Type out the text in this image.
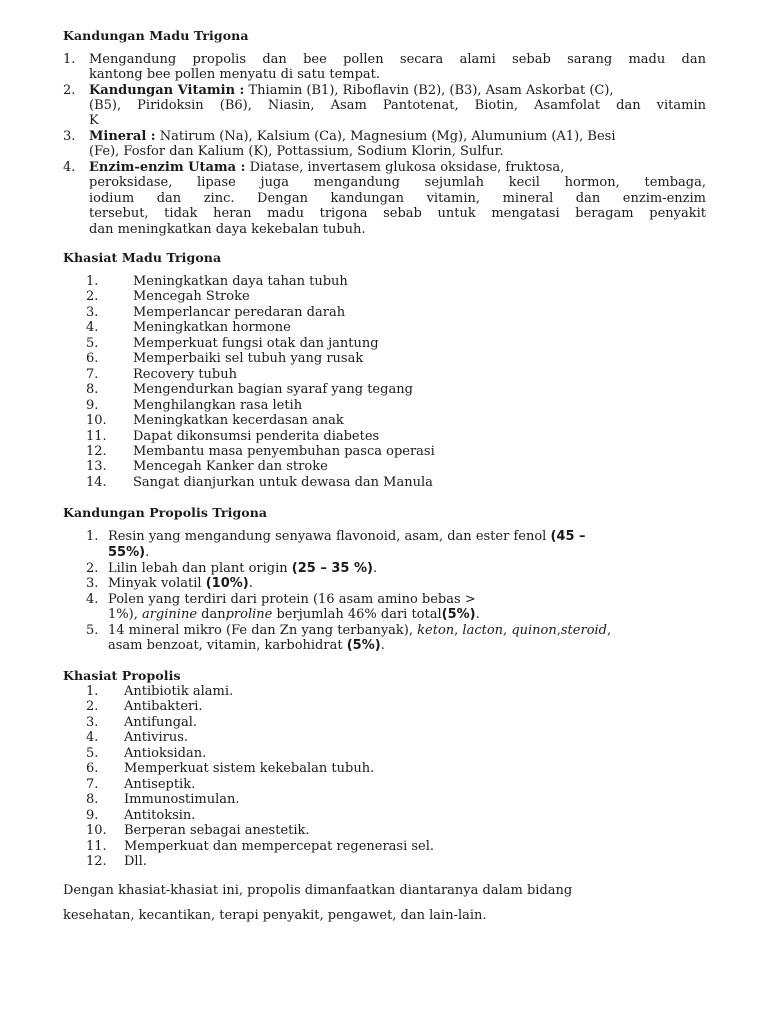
Kandungan Madu Trigona
1. Mengandung propolis dan bee pollen secara alami sebab sarang madu dan
kantong bee pollen menyatu di satu tempat.
2. Kandungan Vitamin : Thiamin (B1), Riboflavin (B2), (B3), Asam Askorbat (C),
(B5), Piridoksin (B6), Niasin, Asam Pantotenat, Biotin, Asamfolat dan vitamin
K
3. Mineral : Natirum (Na), Kalsium (Ca), Magnesium (Mg), Alumunium (A1), Besi
(Fe), Fosfor dan Kalium (K), Pottassium, Sodium Klorin, Sulfur.
4. Enzim-enzim Utama : Diatase, invertasem glukosa oksidase, fruktosa,
peroksidase, lipase juga mengandung sejumlah kecil hormon, tembaga,
iodium dan zinc. Dengan kandungan vitamin, mineral dan enzim-enzim
tersebut, tidak heran madu trigona sebab untuk mengatasi beragam penyakit
dan meningkatkan daya kekebalan tubuh.
Khasiat Madu Trigona
1.	Meningkatkan daya tahan tubuh
2.	Mencegah Stroke
3.	Memperlancar peredaran darah
4.	Meningkatkan hormone
5.	Memperkuat fungsi otak dan jantung
6.	Memperbaiki sel tubuh yang rusak
7.	Recovery tubuh
8.	Mengendurkan bagian syaraf yang tegang
9.	Menghilangkan rasa letih
10. Meningkatkan kecerdasan anak
11. Dapat dikonsumsi penderita diabetes
12. Membantu masa penyembuhan pasca operasi
13. Mencegah Kanker dan stroke
14. Sangat dianjurkan untuk dewasa dan Manula
Kandungan Propolis Trigona
1. Resin yang mengandung senyawa flavonoid, asam, dan ester fenol (45 –
55%).
2. Lilin lebah dan plant origin (25 – 35 %).
3. Minyak volatil (10%).
4. Polen yang terdiri dari protein (16 asam amino bebas >
1%), arginine danproline berjumlah 46% dari total(5%).
5. 14 mineral mikro (Fe dan Zn yang terbanyak), keton, lacton, quinon,steroid,
asam benzoat, vitamin, karbohidrat (5%).
Khasiat Propolis
1. Antibiotik alami.
2. Antibakteri.
3. Antifungal.
4. Antivirus.
5. Antioksidan.
6. Memperkuat sistem kekebalan tubuh.
7. Antiseptik.
8. Immunostimulan.
9. Antitoksin.
10. Berperan sebagai anestetik.
11. Memperkuat dan mempercepat regenerasi sel.
12. Dll.
Dengan khasiat-khasiat ini, propolis dimanfaatkan diantaranya dalam bidang
kesehatan, kecantikan, terapi penyakit, pengawet, dan lain-lain.
